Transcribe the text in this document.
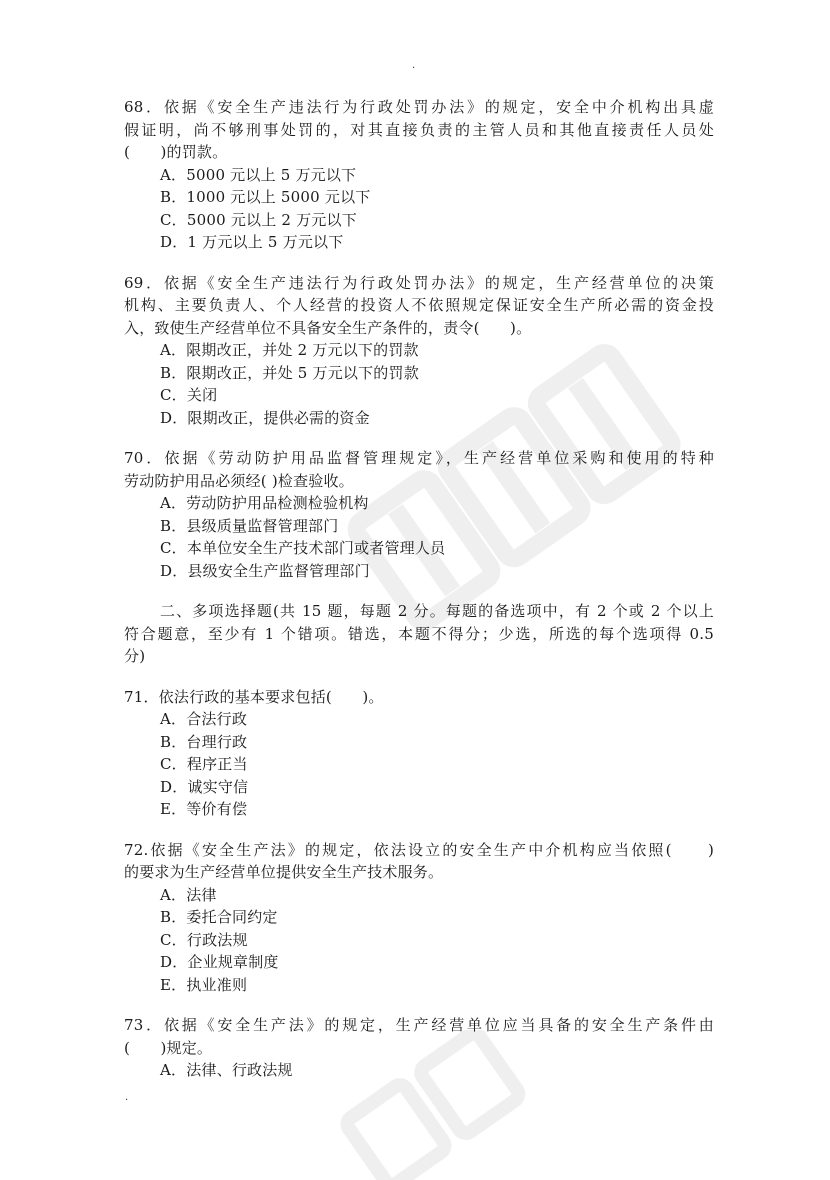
.

68．依据《安全生产违法行为行政处罚办法》的规定，安全中介机构出具虚
假证明，尚不够刑事处罚的，对其直接负责的主管人员和其他直接责任人员处
(　　)的罚款。

A．5000 元以上 5 万元以下
B．1000 元以上 5000 元以下
C．5000 元以上 2 万元以下
D．1 万元以上 5 万元以下

69．依据《安全生产违法行为行政处罚办法》的规定，生产经营单位的决策
机构、主要负责人、个人经营的投资人不依照规定保证安全生产所必需的资金投
入，致使生产经营单位不具备安全生产条件的，责令(　　)。

A．限期改正，并处 2 万元以下的罚款
B．限期改正，并处 5 万元以下的罚款
C．关闭
D．限期改正，提供必需的资金

70．依据《劳动防护用品监督管理规定》，生产经营单位采购和使用的特种
劳动防护用品必须经( )检查验收。

A．劳动防护用品检测检验机构
B．县级质量监督管理部门
C．本单位安全生产技术部门或者管理人员
D．县级安全生产监督管理部门

二、多项选择题(共 15 题，每题 2 分。每题的备选项中，有 2 个或 2 个以上
符合题意，至少有 1 个错项。错选，本题不得分；少选，所选的每个选项得 0.5
分)

71．依法行政的基本要求包括(　　)。

A．合法行政
B．台理行政
C．程序正当
D．诚实守信
E．等价有偿

72.依据《安全生产法》的规定，依法设立的安全生产中介机构应当依照(　　)
的要求为生产经营单位提供安全生产技术服务。

A．法律
B．委托合同约定
C．行政法规
D．企业规章制度
E．执业准则

73．依据《安全生产法》的规定，生产经营单位应当具备的安全生产条件由
(　　)规定。

A．法律、行政法规
.
